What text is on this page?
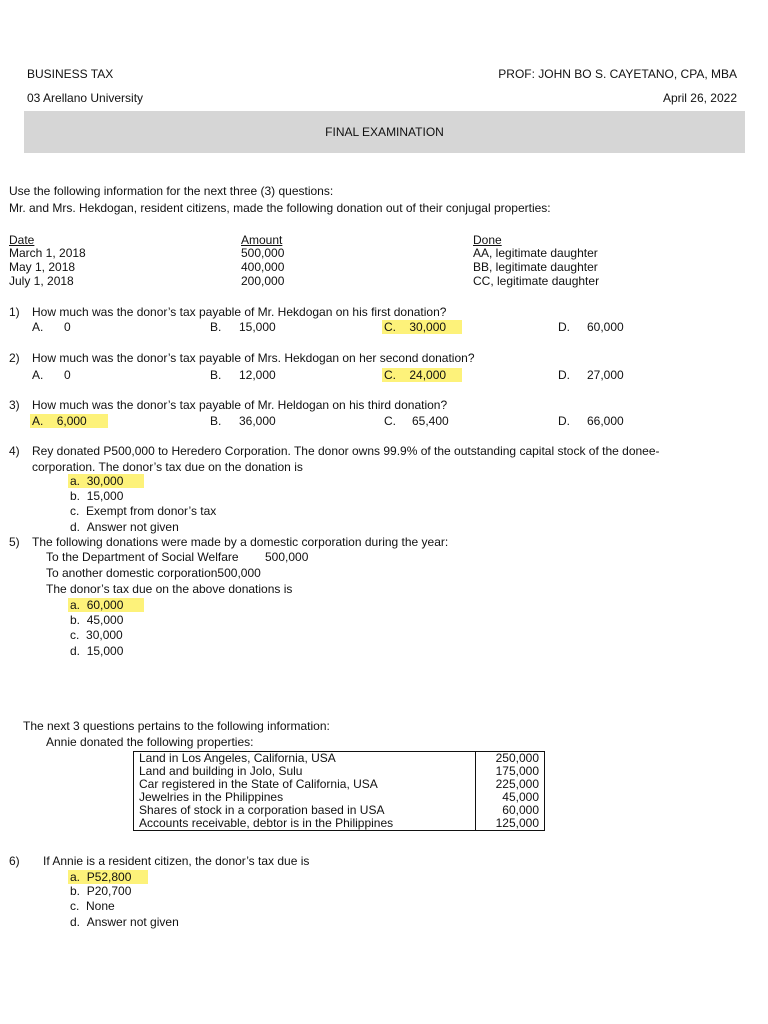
BUSINESS TAX	PROF: JOHN BO S. CAYETANO, CPA, MBA
03 Arellano University	April 26, 2022
FINAL EXAMINATION
Use the following information for the next three (3) questions:
Mr. and Mrs. Hekdogan, resident citizens, made the following donation out of their conjugal properties:
Date	Amount	Done
March 1, 2018	500,000	AA, legitimate daughter
May 1, 2018	400,000	BB, legitimate daughter
July 1, 2018	200,000	CC, legitimate daughter
1) How much was the donor’s tax payable of Mr. Hekdogan on his first donation?
A. 0	B. 15,000	C. 30,000	D. 60,000
2) How much was the donor’s tax payable of Mrs. Hekdogan on her second donation?
A. 0	B. 12,000	C. 24,000	D. 27,000
3) How much was the donor’s tax payable of Mr. Heldogan on his third donation?
A. 6,000	B. 36,000	C. 65,400	D. 66,000
4) Rey donated P500,000 to Heredero Corporation. The donor owns 99.9% of the outstanding capital stock of the donee-
corporation. The donor’s tax due on the donation is
a. 30,000
b. 15,000
c. Exempt from donor’s tax
d. Answer not given
5) The following donations were made by a domestic corporation during the year:
To the Department of Social Welfare 500,000
To another domestic corporation500,000
The donor’s tax due on the above donations is
a. 60,000
b. 45,000
c. 30,000
d. 15,000
The next 3 questions pertains to the following information:
Annie donated the following properties:
Land in Los Angeles, California, USA	250,000
Land and building in Jolo, Sulu	175,000
Car registered in the State of California, USA	225,000
Jewelries in the Philippines	45,000
Shares of stock in a corporation based in USA	60,000
Accounts receivable, debtor is in the Philippines	125,000
6) If Annie is a resident citizen, the donor’s tax due is
a. P52,800
b. P20,700
c. None
d. Answer not given
